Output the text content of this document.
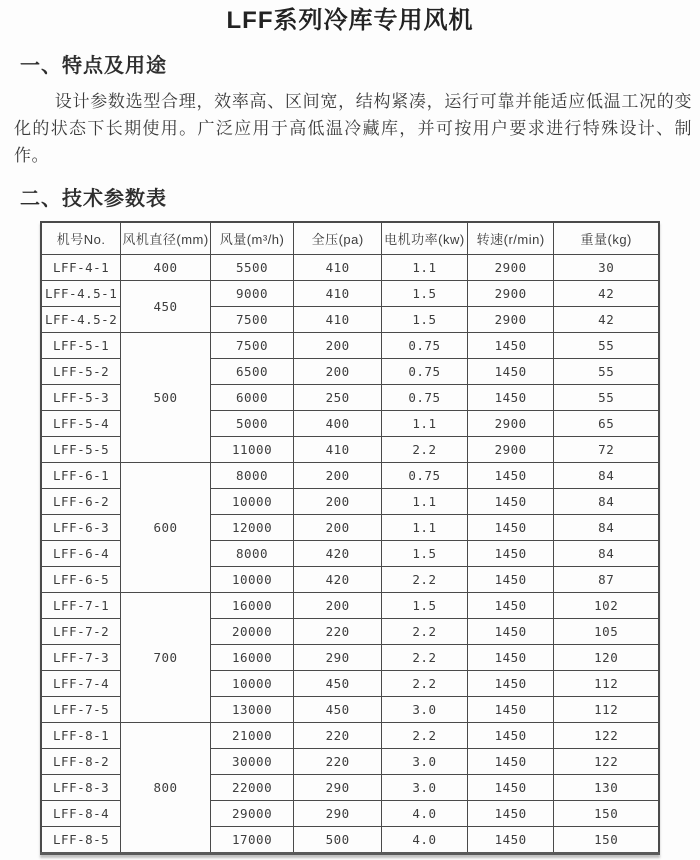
LFF系列冷库专用风机
一、特点及用途

设计参数选型合理，效率高、区间宽，结构紧凑，运行可靠并能适应低温工况的变化的状态下长期使用。广泛应用于高低温冷藏库，并可按用户要求进行特殊设计、制作。

二、技术参数表
机号No.	风机直径(mm)	风量(m³/h)	全压(pa)	电机功率(kw)	转速(r/min)	重量(kg)
LFF-4-1	400	5500	410	1.1	2900	30
LFF-4.5-1	450	9000	410	1.5	2900	42
LFF-4.5-2		7500	410	1.5	2900	42
LFF-5-1	500	7500	200	0.75	1450	55
LFF-5-2		6500	200	0.75	1450	55
LFF-5-3		6000	250	0.75	1450	55
LFF-5-4		5000	400	1.1	2900	65
LFF-5-5		11000	410	2.2	2900	72
LFF-6-1	600	8000	200	0.75	1450	84
LFF-6-2		10000	200	1.1	1450	84
LFF-6-3		12000	200	1.1	1450	84
LFF-6-4		8000	420	1.5	1450	84
LFF-6-5		10000	420	2.2	1450	87
LFF-7-1	700	16000	200	1.5	1450	102
LFF-7-2		20000	220	2.2	1450	105
LFF-7-3		16000	290	2.2	1450	120
LFF-7-4		10000	450	2.2	1450	112
LFF-7-5		13000	450	3.0	1450	112
LFF-8-1	800	21000	220	2.2	1450	122
LFF-8-2		30000	220	3.0	1450	122
LFF-8-3		22000	290	3.0	1450	130
LFF-8-4		29000	290	4.0	1450	150
LFF-8-5		17000	500	4.0	1450	150
